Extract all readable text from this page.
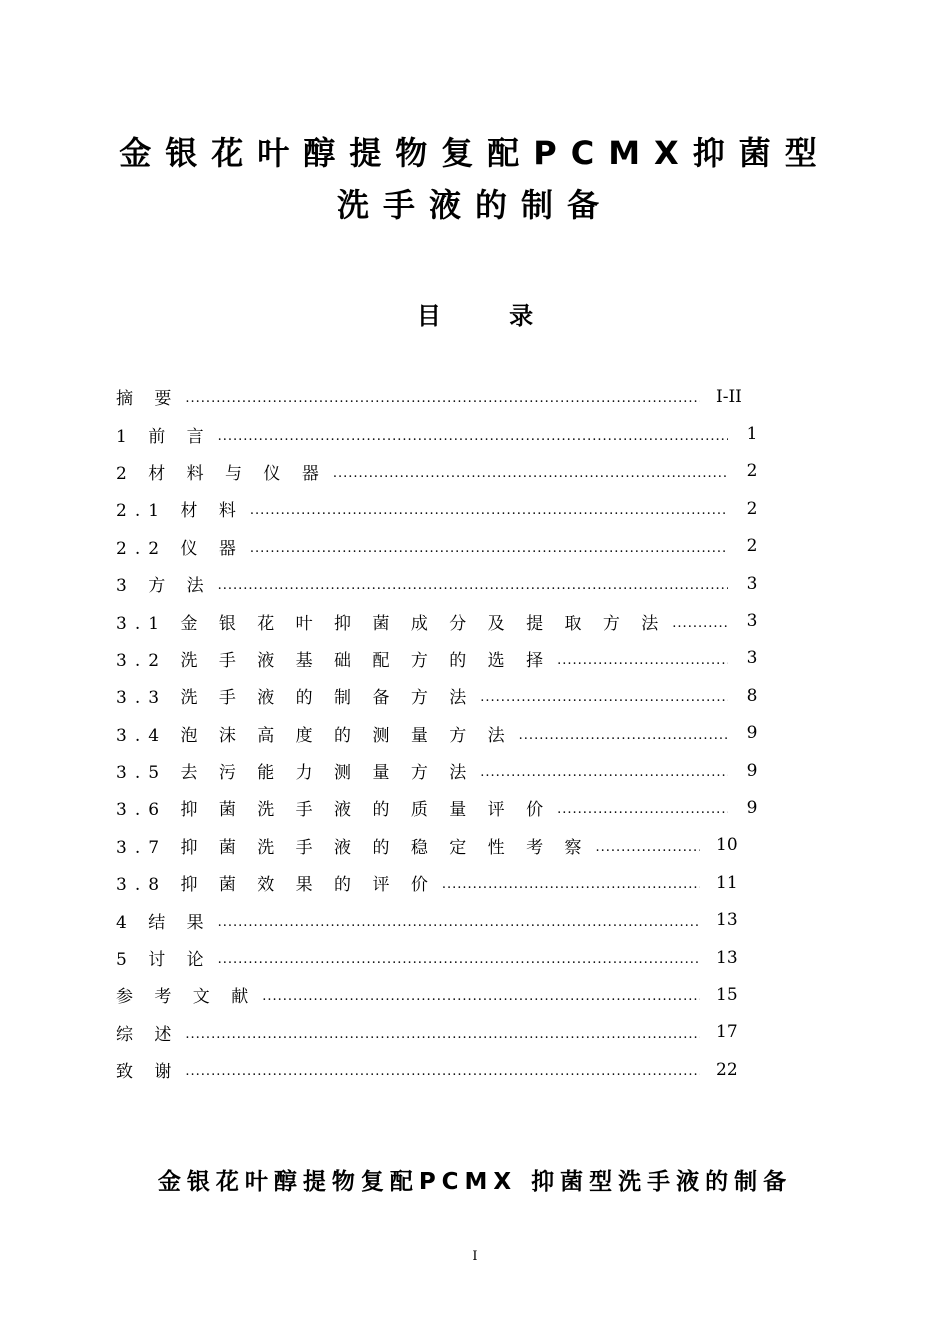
金银花叶醇提物复配PCMX抑菌型
洗手液的制备
目 录
摘 要 .....	I-II
1 前 言 .....	1
2 材 料 与 仪 器 .....	2
2.1 材 料 .....	2
2.2 仪 器 .....	2
3 方 法 .....	3
3.1 金 银 花 叶 抑 菌 成 分 及 提 取 方 法 .....	3
3.2 洗 手 液 基 础 配 方 的 选 择 .....	3
3.3 洗 手 液 的 制 备 方 法 .....	8
3.4 泡 沫 高 度 的 测 量 方 法 .....	9
3.5 去 污 能 力 测 量 方 法 .....	9
3.6 抑 菌 洗 手 液 的 质 量 评 价 .....	9
3.7 抑 菌 洗 手 液 的 稳 定 性 考 察 .....	10
3.8 抑 菌 效 果 的 评 价 .....	11
4 结 果 .....	13
5 讨 论 .....	13
参 考 文 献 .....	15
综 述 .....	17
致 谢 .....	22
金银花叶醇提物复配PCMX 抑菌型洗手液的制备
I
